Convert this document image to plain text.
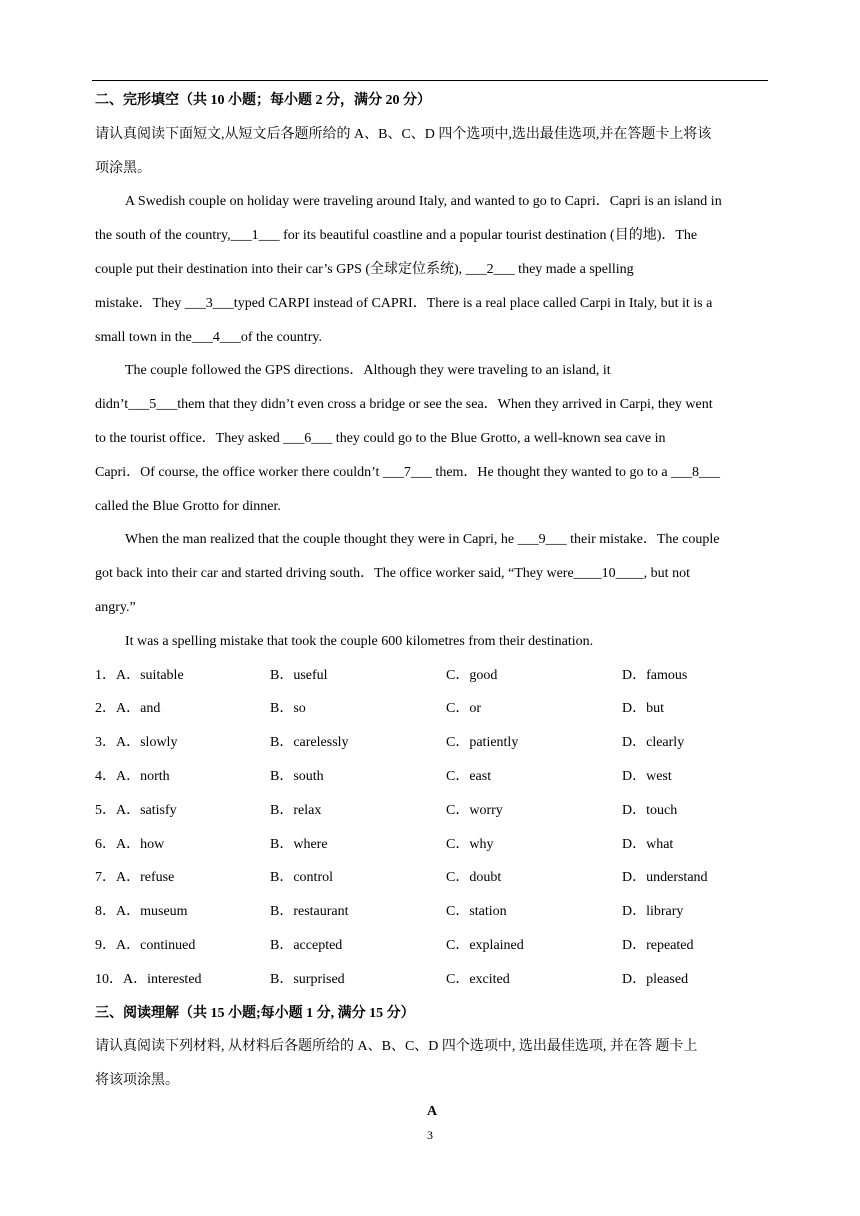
二、完形填空（共 10 小题；每小题 2 分，满分 20 分）
请认真阅读下面短文,从短文后各题所给的 A、B、C、D 四个选项中,选出最佳选项,并在答题卡上将该
项涂黑。
A Swedish couple on holiday were traveling around Italy, and wanted to go to Capri．Capri is an island in
the south of the country,___1___ for its beautiful coastline and a popular tourist destination (目的地)．The
couple put their destination into their car’s GPS (全球定位系统), ___2___ they made a spelling
mistake．They ___3___typed CARPI instead of CAPRI．There is a real place called Carpi in Italy, but it is a
small town in the___4___of the country.
The couple followed the GPS directions．Although they were traveling to an island, it
didn’t___5___them that they didn’t even cross a bridge or see the sea．When they arrived in Carpi, they went
to the tourist office．They asked ___6___ they could go to the Blue Grotto, a well-known sea cave in
Capri．Of course, the office worker there couldn’t ___7___ them．He thought they wanted to go to a ___8___
called the Blue Grotto for dinner.
When the man realized that the couple thought they were in Capri, he ___9___ their mistake．The couple
got back into their car and started driving south．The office worker said, “They were____10____, but not
angry.”
It was a spelling mistake that took the couple 600 kilometres from their destination.
1．A．suitable	B．useful	C．good	D．famous
2．A．and	B．so	C．or	D．but
3．A．slowly	B．carelessly	C．patiently	D．clearly
4．A．north	B．south	C．east	D．west
5．A．satisfy	B．relax	C．worry	D．touch
6．A．how	B．where	C．why	D．what
7．A．refuse	B．control	C．doubt	D．understand
8．A．museum	B．restaurant	C．station	D．library
9．A．continued	B．accepted	C．explained	D．repeated
10．A．interested	B．surprised	C．excited	D．pleased
三、阅读理解（共 15 小题;每小题 1 分, 满分 15 分）
请认真阅读下列材料, 从材料后各题所给的 A、B、C、D 四个选项中, 选出最佳选项, 并在答 题卡上
将该项涂黑。
A
3
